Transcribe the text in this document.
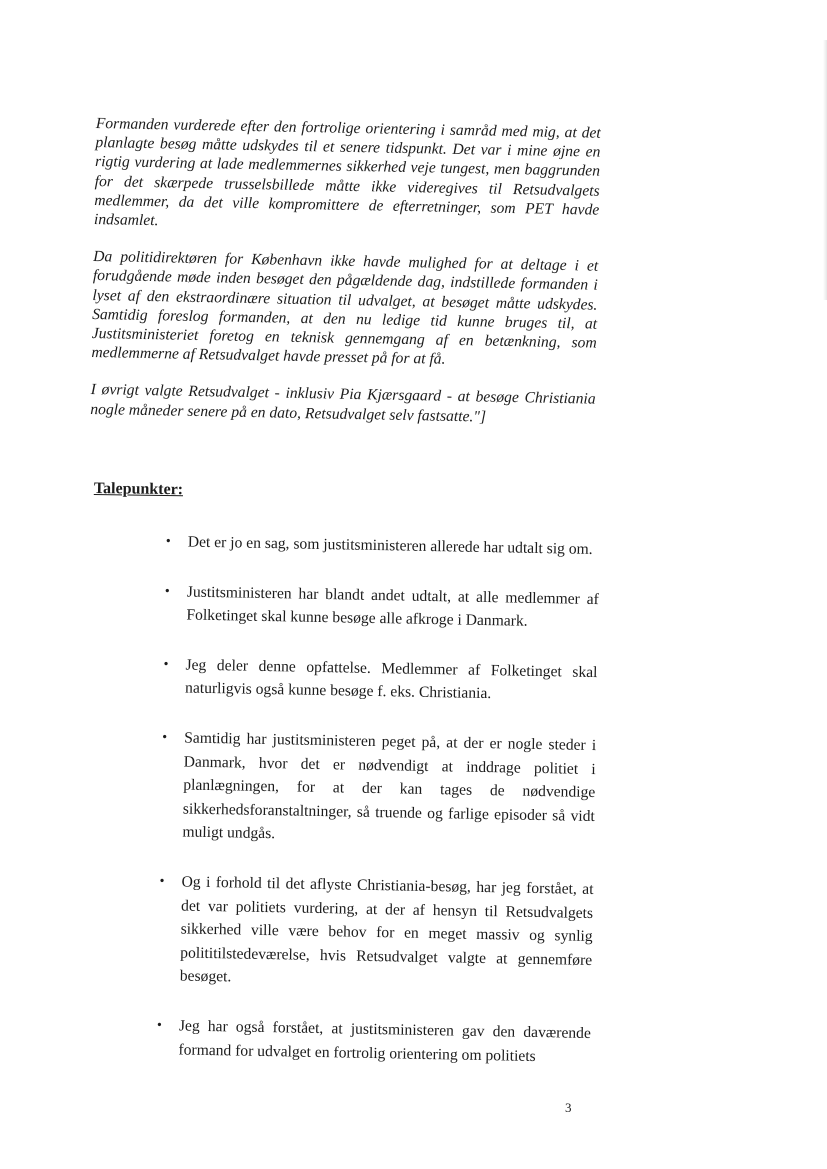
Formanden vurderede efter den fortrolige orientering i samråd med mig, at det planlagte besøg måtte udskydes til et senere tidspunkt. Det var i mine øjne en rigtig vurdering at lade medlemmernes sikkerhed veje tungest, men baggrunden for det skærpede trusselsbillede måtte ikke videregives til Retsudvalgets medlemmer, da det ville kompromittere de efterretninger, som PET havde indsamlet.

Da politidirektøren for København ikke havde mulighed for at deltage i et forudgående møde inden besøget den pågældende dag, indstillede formanden i lyset af den ekstraordinære situation til udvalget, at besøget måtte udskydes. Samtidig foreslog formanden, at den nu ledige tid kunne bruges til, at Justitsministeriet foretog en teknisk gennemgang af en betænkning, som medlemmerne af Retsudvalget havde presset på for at få.

I øvrigt valgte Retsudvalget - inklusiv Pia Kjærsgaard - at besøge Christiania nogle måneder senere på en dato, Retsudvalget selv fastsatte."]

Talepunkter:
• Det er jo en sag, som justitsministeren allerede har udtalt sig om.
• Justitsministeren har blandt andet udtalt, at alle medlemmer af Folketinget skal kunne besøge alle afkroge i Danmark.
• Jeg deler denne opfattelse. Medlemmer af Folketinget skal naturligvis også kunne besøge f. eks. Christiania.
• Samtidig har justitsministeren peget på, at der er nogle steder i Danmark, hvor det er nødvendigt at inddrage politiet i planlægningen, for at der kan tages de nødvendige sikkerhedsforanstaltninger, så truende og farlige episoder så vidt muligt undgås.
• Og i forhold til det aflyste Christiania-besøg, har jeg forstået, at det var politiets vurdering, at der af hensyn til Retsudvalgets sikkerhed ville være behov for en meget massiv og synlig polititilstedeværelse, hvis Retsudvalget valgte at gennemføre besøget.
• Jeg har også forstået, at justitsministeren gav den daværende formand for udvalget en fortrolig orientering om politiets
3
